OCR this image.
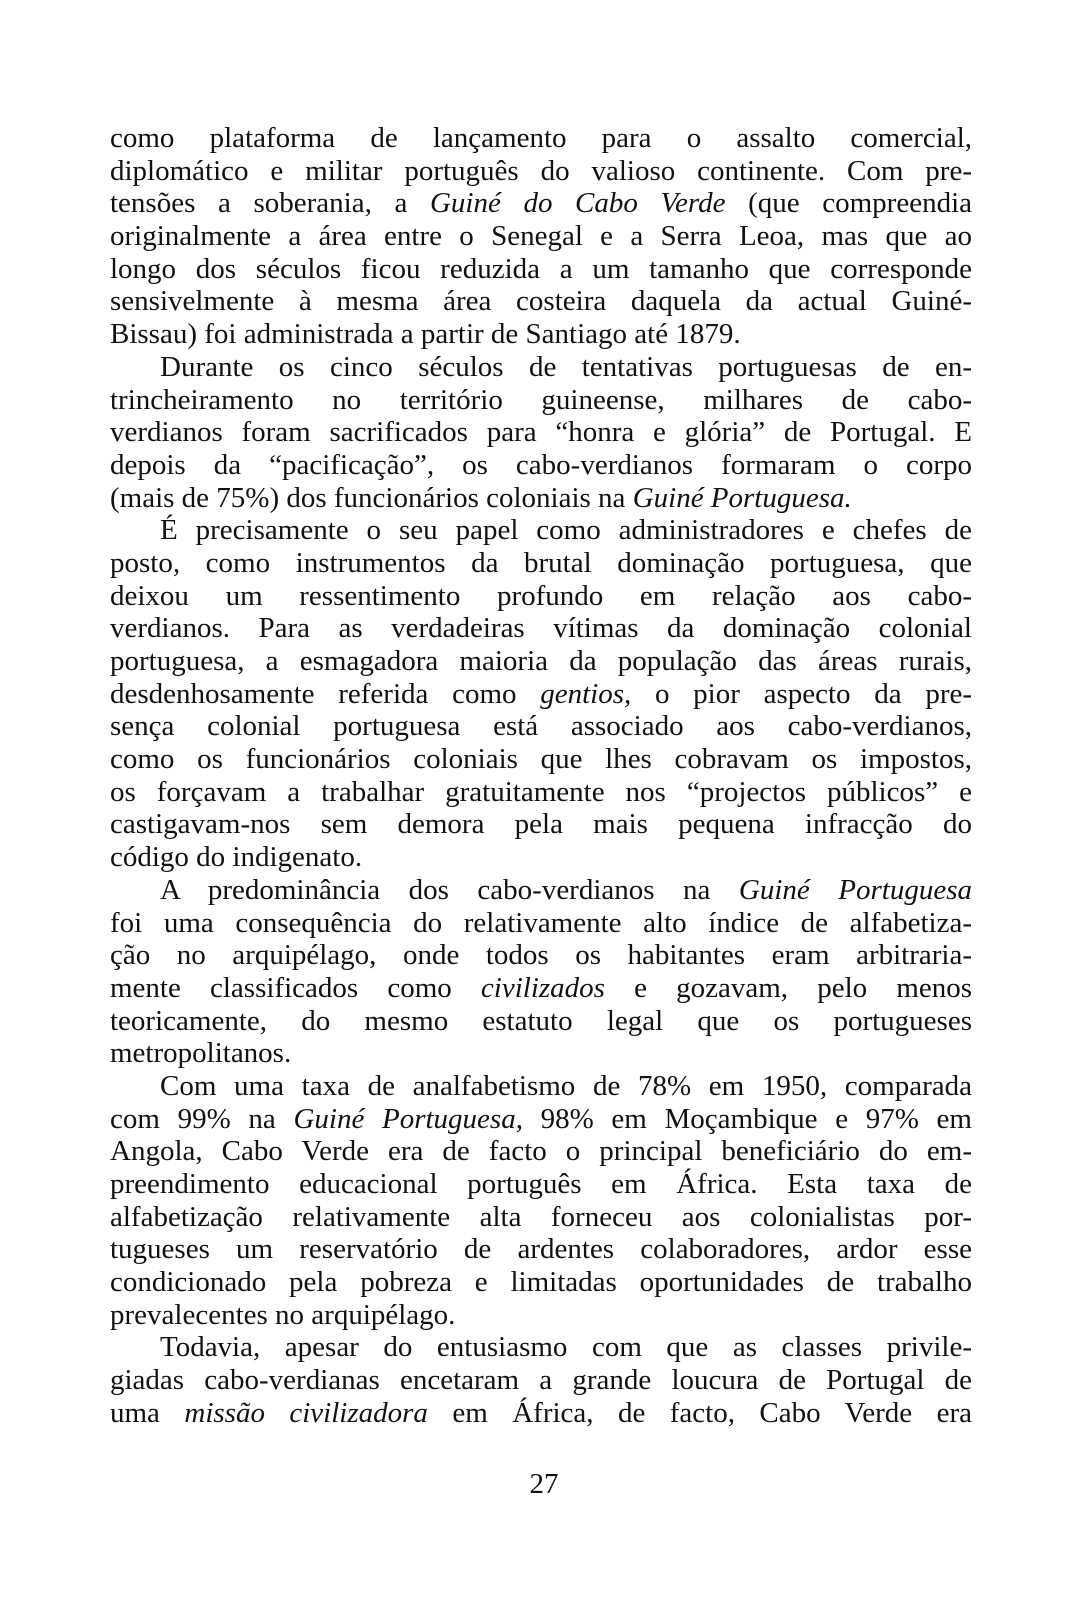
como plataforma de lançamento para o assalto comercial,
diplomático e militar português do valioso continente. Com pre-
tensões a soberania, a Guiné do Cabo Verde (que compreendia
originalmente a área entre o Senegal e a Serra Leoa, mas que ao
longo dos séculos ficou reduzida a um tamanho que corresponde
sensivelmente à mesma área costeira daquela da actual Guiné-
Bissau) foi administrada a partir de Santiago até 1879.
Durante os cinco séculos de tentativas portuguesas de en-
trincheiramento no território guineense, milhares de cabo-
verdianos foram sacrificados para “honra e glória” de Portugal. E
depois da “pacificação”, os cabo-verdianos formaram o corpo
(mais de 75%) dos funcionários coloniais na Guiné Portuguesa.
É precisamente o seu papel como administradores e chefes de
posto, como instrumentos da brutal dominação portuguesa, que
deixou um ressentimento profundo em relação aos cabo-
verdianos. Para as verdadeiras vítimas da dominação colonial
portuguesa, a esmagadora maioria da população das áreas rurais,
desdenhosamente referida como gentios, o pior aspecto da pre-
sença colonial portuguesa está associado aos cabo-verdianos,
como os funcionários coloniais que lhes cobravam os impostos,
os forçavam a trabalhar gratuitamente nos “projectos públicos” e
castigavam-nos sem demora pela mais pequena infracção do
código do indigenato.
A predominância dos cabo-verdianos na Guiné Portuguesa
foi uma consequência do relativamente alto índice de alfabetiza-
ção no arquipélago, onde todos os habitantes eram arbitraria-
mente classificados como civilizados e gozavam, pelo menos
teoricamente, do mesmo estatuto legal que os portugueses
metropolitanos.
Com uma taxa de analfabetismo de 78% em 1950, comparada
com 99% na Guiné Portuguesa, 98% em Moçambique e 97% em
Angola, Cabo Verde era de facto o principal beneficiário do em-
preendimento educacional português em África. Esta taxa de
alfabetização relativamente alta forneceu aos colonialistas por-
tugueses um reservatório de ardentes colaboradores, ardor esse
condicionado pela pobreza e limitadas oportunidades de trabalho
prevalecentes no arquipélago.
Todavia, apesar do entusiasmo com que as classes privile-
giadas cabo-verdianas encetaram a grande loucura de Portugal de
uma missão civilizadora em África, de facto, Cabo Verde era
27
